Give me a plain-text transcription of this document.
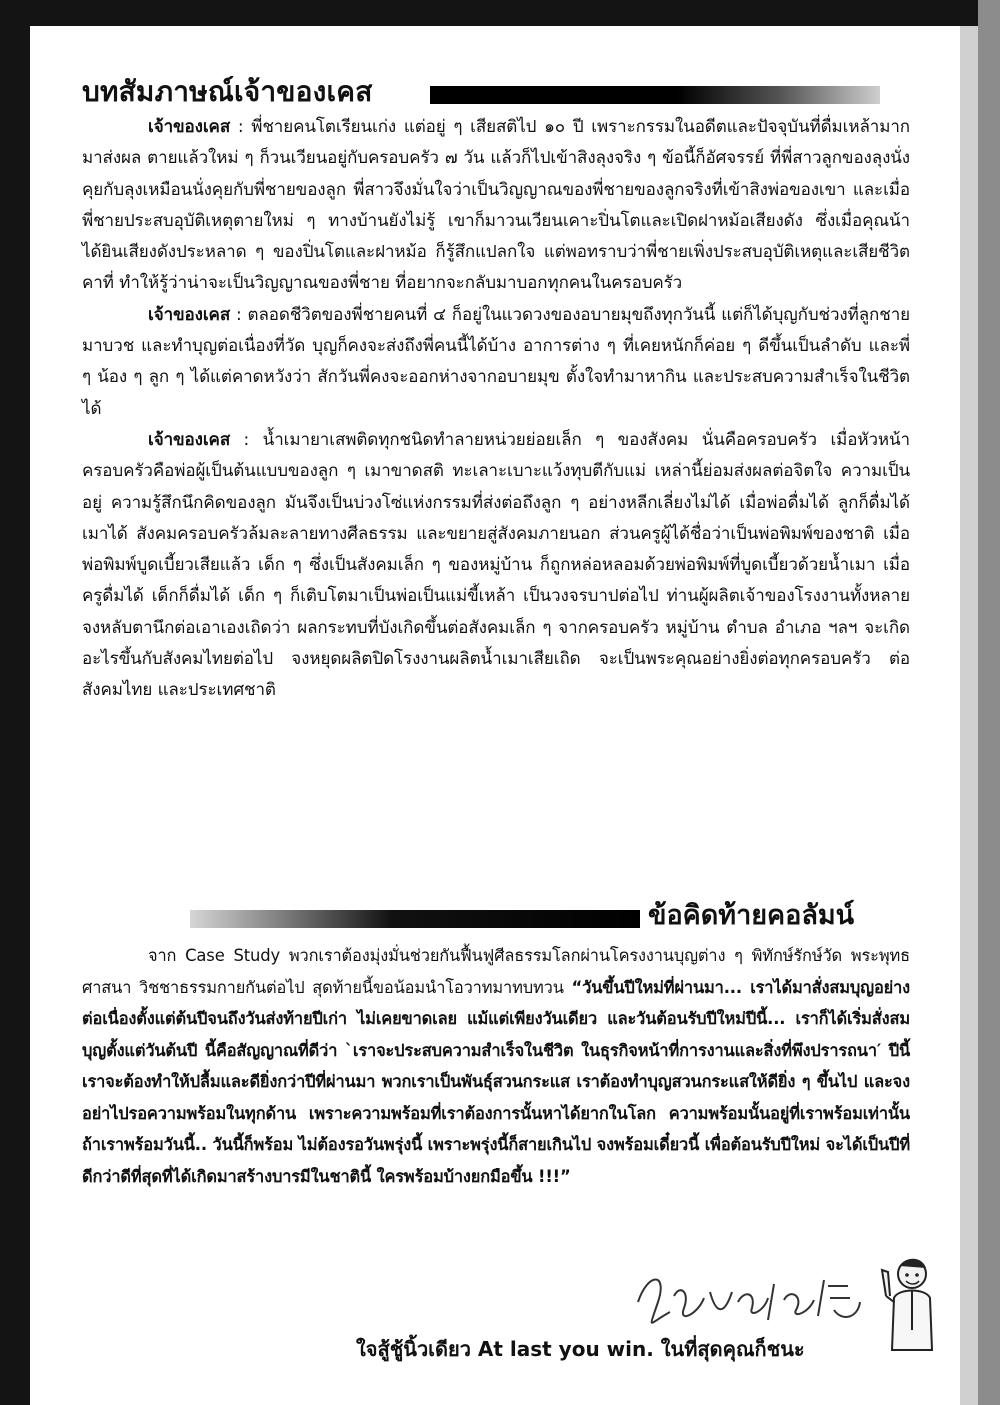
บทสัมภาษณ์เจ้าของเคส

เจ้าของเคส : พี่ชายคนโตเรียนเก่ง แต่อยู่ ๆ เสียสติไป ๑๐ ปี เพราะกรรมในอดีตและปัจจุบันที่ดื่มเหล้ามากมาส่งผล ตายแล้วใหม่ ๆ ก็วนเวียนอยู่กับครอบครัว ๗ วัน แล้วก็ไปเข้าสิงลุงจริง ๆ ข้อนี้ก็อัศจรรย์ ที่พี่สาวลูกของลุงนั่งคุยกับลุงเหมือนนั่งคุยกับพี่ชายของลูก พี่สาวจึงมั่นใจว่าเป็นวิญญาณของพี่ชายของลูกจริงที่เข้าสิงพ่อของเขา และเมื่อพี่ชายประสบอุบัติเหตุตายใหม่ ๆ ทางบ้านยังไม่รู้ เขาก็มาวนเวียนเคาะปิ่นโตและเปิดฝาหม้อเสียงดัง ซึ่งเมื่อคุณน้าได้ยินเสียงดังประหลาด ๆ ของปิ่นโตและฝาหม้อ ก็รู้สึกแปลกใจ แต่พอทราบว่าพี่ชายเพิ่งประสบอุบัติเหตุและเสียชีวิตคาที่ ทำให้รู้ว่าน่าจะเป็นวิญญาณของพี่ชาย ที่อยากจะกลับมาบอกทุกคนในครอบครัว

เจ้าของเคส : ตลอดชีวิตของพี่ชายคนที่ ๔ ก็อยู่ในแวดวงของอบายมุขถึงทุกวันนี้ แต่ก็ได้บุญกับช่วงที่ลูกชายมาบวช และทำบุญต่อเนื่องที่วัด บุญก็คงจะส่งถึงพี่คนนี้ได้บ้าง อาการต่าง ๆ ที่เคยหนักก็ค่อย ๆ ดีขึ้นเป็นลำดับ และพี่ ๆ น้อง ๆ ลูก ๆ ได้แต่คาดหวังว่า สักวันพี่คงจะออกห่างจากอบายมุข ตั้งใจทำมาหากิน และประสบความสำเร็จในชีวิตได้

เจ้าของเคส : น้ำเมายาเสพติดทุกชนิดทำลายหน่วยย่อยเล็ก ๆ ของสังคม นั่นคือครอบครัว เมื่อหัวหน้าครอบครัวคือพ่อผู้เป็นต้นแบบของลูก ๆ เมาขาดสติ ทะเลาะเบาะแว้งทุบตีกับแม่ เหล่านี้ย่อมส่งผลต่อจิตใจ ความเป็นอยู่ ความรู้สึกนึกคิดของลูก มันจึงเป็นบ่วงโซ่แห่งกรรมที่ส่งต่อถึงลูก ๆ อย่างหลีกเลี่ยงไม่ได้ เมื่อพ่อดื่มได้ ลูกก็ดื่มได้ เมาได้ สังคมครอบครัวล้มละลายทางศีลธรรม และขยายสู่สังคมภายนอก ส่วนครูผู้ได้ชื่อว่าเป็นพ่อพิมพ์ของชาติ เมื่อพ่อพิมพ์บูดเบี้ยวเสียแล้ว เด็ก ๆ ซึ่งเป็นสังคมเล็ก ๆ ของหมู่บ้าน ก็ถูกหล่อหลอมด้วยพ่อพิมพ์ที่บูดเบี้ยวด้วยน้ำเมา เมื่อครูดื่มได้ เด็กก็ดื่มได้ เด็ก ๆ ก็เติบโตมาเป็นพ่อเป็นแม่ขี้เหล้า เป็นวงจรบาปต่อไป ท่านผู้ผลิตเจ้าของโรงงานทั้งหลายจงหลับตานึกต่อเอาเองเถิดว่า ผลกระทบที่บังเกิดขึ้นต่อสังคมเล็ก ๆ จากครอบครัว หมู่บ้าน ตำบล อำเภอ ฯลฯ จะเกิดอะไรขึ้นกับสังคมไทยต่อไป จงหยุดผลิตปิดโรงงานผลิตน้ำเมาเสียเถิด จะเป็นพระคุณอย่างยิ่งต่อทุกครอบครัว ต่อสังคมไทย และประเทศชาติ

ข้อคิดท้ายคอลัมน์

จาก Case Study พวกเราต้องมุ่งมั่นช่วยกันฟื้นฟูศีลธรรมโลกผ่านโครงงานบุญต่าง ๆ พิทักษ์รักษ์วัด พระพุทธศาสนา วิชชาธรรมกายกันต่อไป สุดท้ายนี้ขอน้อมนำโอวาทมาทบทวน “วันขึ้นปีใหม่ที่ผ่านมา... เราได้มาสั่งสมบุญอย่างต่อเนื่องตั้งแต่ต้นปีจนถึงวันส่งท้ายปีเก่า ไม่เคยขาดเลย แม้แต่เพียงวันเดียว และวันต้อนรับปีใหม่ปีนี้... เราก็ได้เริ่มสั่งสมบุญตั้งแต่วันต้นปี นี้คือสัญญาณที่ดีว่า `เราจะประสบความสำเร็จในชีวิต ในธุรกิจหน้าที่การงานและสิ่งที่พึงปรารถนา′ ปีนี้เราจะต้องทำให้ปลื้มและดียิ่งกว่าปีที่ผ่านมา พวกเราเป็นพันธุ์สวนกระแส เราต้องทำบุญสวนกระแสให้ดียิ่ง ๆ ขึ้นไป และจงอย่าไปรอความพร้อมในทุกด้าน เพราะความพร้อมที่เราต้องการนั้นหาได้ยากในโลก ความพร้อมนั้นอยู่ที่เราพร้อมเท่านั้น ถ้าเราพร้อมวันนี้.. วันนี้ก็พร้อม ไม่ต้องรอวันพรุ่งนี้ เพราะพรุ่งนี้ก็สายเกินไป จงพร้อมเดี๋ยวนี้ เพื่อต้อนรับปีใหม่ จะได้เป็นปีที่ดีกว่าดีที่สุดที่ได้เกิดมาสร้างบารมีในชาตินี้ ใครพร้อมบ้างยกมือขึ้น !!!”

ใจสู้ชู้นิ้วเดียว At last you win. ในที่สุดคุณก็ชนะ
